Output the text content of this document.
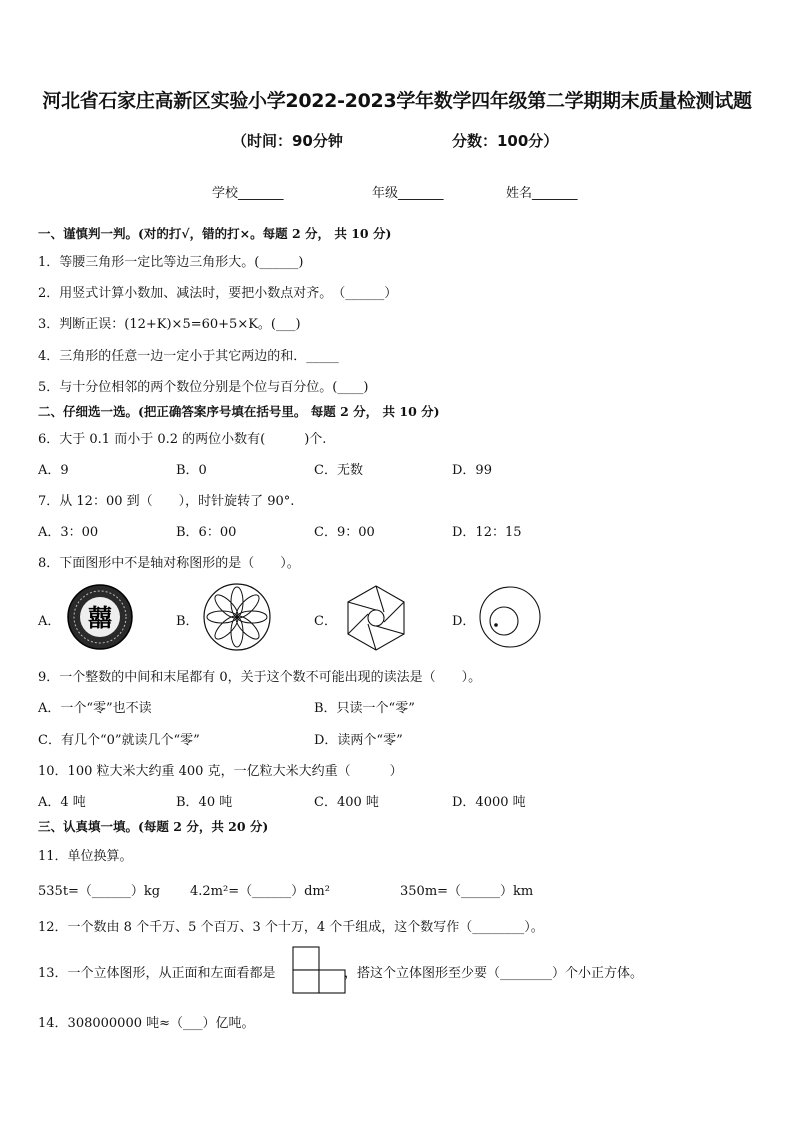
河北省石家庄高新区实验小学2022-2023学年数学四年级第二学期期末质量检测试题
（时间：90分钟	分数：100分）
学校_______	年级_______	姓名_______
一、谨慎判一判。(对的打√，错的打×。每题 2 分， 共 10 分)
1．等腰三角形一定比等边三角形大。(______)
2．用竖式计算小数加、减法时，要把小数点对齐。　（______）
3．判断正误：(12+K)×5=60+5×K。(___)
4．三角形的任意一边一定小于其它两边的和．_____
5．与十分位相邻的两个数位分别是个位与百分位。(____)
二、仔细选一选。(把正确答案序号填在括号里。 每题 2 分， 共 10 分)
6．大于 0.1 而小于 0.2 的两位小数有(　　　)个.
A．9	B．0	C．无数	D．99
7．从 12：00 到（　　），时针旋转了 90°.
A．3：00	B．6：00	C．9：00	D．12：15
8．下面图形中不是轴对称图形的是（　　）。
A．	B．	C．	D．
囍
9．一个整数的中间和末尾都有 0，关于这个数不可能出现的读法是（　　）。
A．一个“零”也不读	B．只读一个“零”
C．有几个“0”就读几个“零”	D．读两个“零”
10．100 粒大米大约重 400 克，一亿粒大米大约重（　　　）
A．4 吨	B．40 吨	C．400 吨	D．4000 吨
三、认真填一填。(每题 2 分，共 20 分)
11．单位换算。
535t=（______）kg 4.2m²=（______）dm²	350m=（______）km
12．一个数由 8 个千万、5 个百万、3 个十万，4 个千组成，这个数写作（________）。
13．一个立体图形，从正面和左面看都是	，搭这个立体图形至少要（________）个小正方体。
14．308000000 吨≈（___）亿吨。
